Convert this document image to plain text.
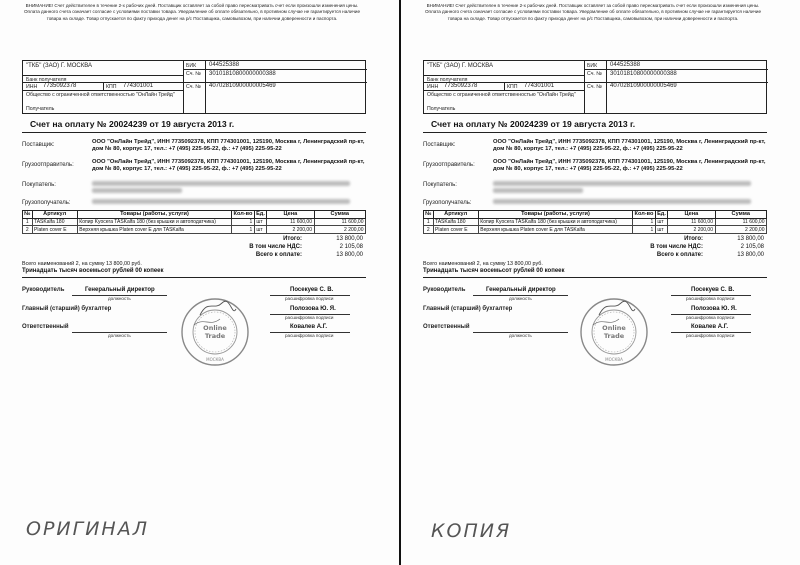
ВНИМАНИЕ! Счет действителен в течение 2-х рабочих дней. Поставщик оставляет за собой право пересматривать счет если произошли изменения цены. Оплата данного счета означает согласие с условиями поставки товара. Уведомление об оплате обязательно, в противном случае не гарантируется наличие товара на складе. Товар отпускается по факту прихода денег на р/с Поставщика, самовывозом, при наличии доверенности и паспорта.
"ТКБ" (ЗАО) Г. МОСКВА
Банк получателя
БИК 044525388
Сч. № 30101810800000000388
ИНН 7735092378	КПП 774301001	Сч. № 40702810900000005469
Общество с ограниченной ответственностью "ОнЛайн Трейд"
Получатель
Счет на оплату № 20024239 от 19 августа 2013 г.
Поставщик:	ООО "ОнЛайн Трейд", ИНН 7735092378, КПП 774301001, 125190, Москва г, Ленинградский пр-кт, дом № 80, корпус 17, тел.: +7 (495) 225-95-22, ф.: +7 (495) 225-95-22
Грузоотправитель:	ООО "ОнЛайн Трейд", ИНН 7735092378, КПП 774301001, 125190, Москва г, Ленинградский пр-кт, дом № 80, корпус 17, тел.: +7 (495) 225-95-22, ф.: +7 (495) 225-95-22
Покупатель:
Грузополучатель:
№	Артикул	Товары (работы, услуги)	Кол-во	Ед.	Цена	Сумма
1	TASKalfa 180	Копир Kyocera TASKalfa 180 (без крышки и автоподатчика)	1	шт	11 600,00	11 600,00
2	Platen cover E	Верхняя крышка Platen cover E для TASKalfa	1	шт	2 200,00	2 200,00
Итого:	13 800,00
В том числе НДС:	2 105,08
Всего к оплате:	13 800,00
Всего наименований 2, на сумму 13 800,00 руб.
Тринадцать тысяч восемьсот рублей 00 копеек
Руководитель	Генеральный директор
должность
Посекуев С. В.
расшифровка подписи
Главный (старший) бухгалтер	Полозова Ю. Я.
расшифровка подписи
Ответственный
должность
Ковалев А.Г.
расшифровка подписи
Online
Trade
МОСКВА
ОРИГИНАЛ
ВНИМАНИЕ! Счет действителен в течение 2-х рабочих дней. Поставщик оставляет за собой право пересматривать счет если произошли изменения цены. Оплата данного счета означает согласие с условиями поставки товара. Уведомление об оплате обязательно, в противном случае не гарантируется наличие товара на складе. Товар отпускается по факту прихода денег на р/с Поставщика, самовывозом, при наличии доверенности и паспорта.
"ТКБ" (ЗАО) Г. МОСКВА
Банк получателя
БИК 044525388
Сч. № 30101810800000000388
ИНН 7735092378	КПП 774301001	Сч. № 40702810900000005469
Общество с ограниченной ответственностью "ОнЛайн Трейд"
Получатель
Счет на оплату № 20024239 от 19 августа 2013 г.
Поставщик:	ООО "ОнЛайн Трейд", ИНН 7735092378, КПП 774301001, 125190, Москва г, Ленинградский пр-кт, дом № 80, корпус 17, тел.: +7 (495) 225-95-22, ф.: +7 (495) 225-95-22
Грузоотправитель:	ООО "ОнЛайн Трейд", ИНН 7735092378, КПП 774301001, 125190, Москва г, Ленинградский пр-кт, дом № 80, корпус 17, тел.: +7 (495) 225-95-22, ф.: +7 (495) 225-95-22
Покупатель:
Грузополучатель:
№	Артикул	Товары (работы, услуги)	Кол-во	Ед.	Цена	Сумма
1	TASKalfa 180	Копир Kyocera TASKalfa 180 (без крышки и автоподатчика)	1	шт	11 600,00	11 600,00
2	Platen cover E	Верхняя крышка Platen cover E для TASKalfa	1	шт	2 200,00	2 200,00
Итого:	13 800,00
В том числе НДС:	2 105,08
Всего к оплате:	13 800,00
Всего наименований 2, на сумму 13 800,00 руб.
Тринадцать тысяч восемьсот рублей 00 копеек
Руководитель	Генеральный директор
должность
Посекуев С. В.
расшифровка подписи
Главный (старший) бухгалтер	Полозова Ю. Я.
расшифровка подписи
Ответственный
должность
Ковалев А.Г.
расшифровка подписи
Online
Trade
МОСКВА
КОПИЯ
